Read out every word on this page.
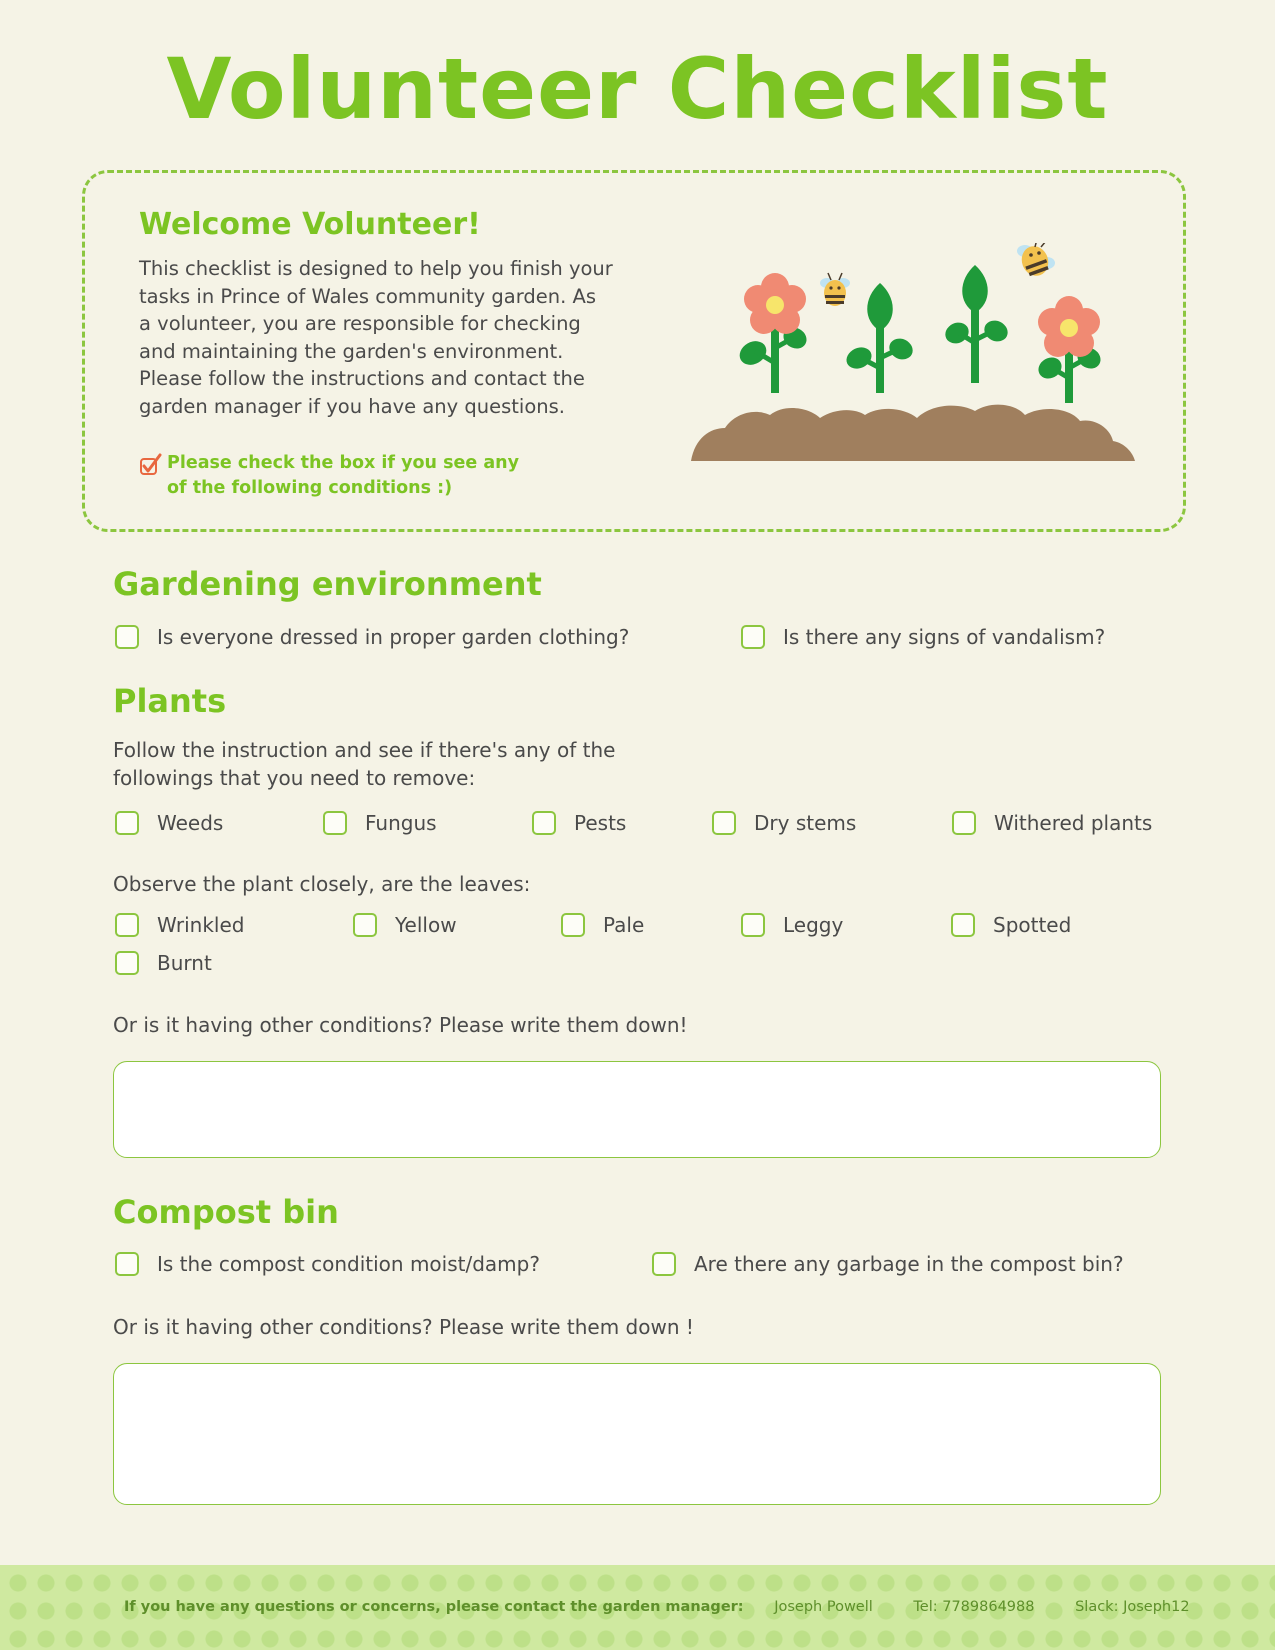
Volunteer Checklist
Welcome Volunteer!
This checklist is designed to help you finish your
tasks in Prince of Wales community garden. As
a volunteer, you are responsible for checking
and maintaining the garden's environment.
Please follow the instructions and contact the
garden manager if you have any questions.
Please check the box if you see any
of the following conditions :)
Gardening environment
Is everyone dressed in proper garden clothing?	Is there any signs of vandalism?
Plants
Follow the instruction and see if there's any of the
followings that you need to remove:
Weeds	Fungus	Pests	Dry stems	Withered plants
Observe the plant closely, are the leaves:
Wrinkled	Yellow	Pale	Leggy	Spotted
Burnt
Or is it having other conditions? Please write them down!
Compost bin
Is the compost condition moist/damp?	Are there any garbage in the compost bin?
Or is it having other conditions? Please write them down !
If you have any questions or concerns, please contact the garden manager: Joseph Powell	Tel: 7789864988	Slack: Joseph12
